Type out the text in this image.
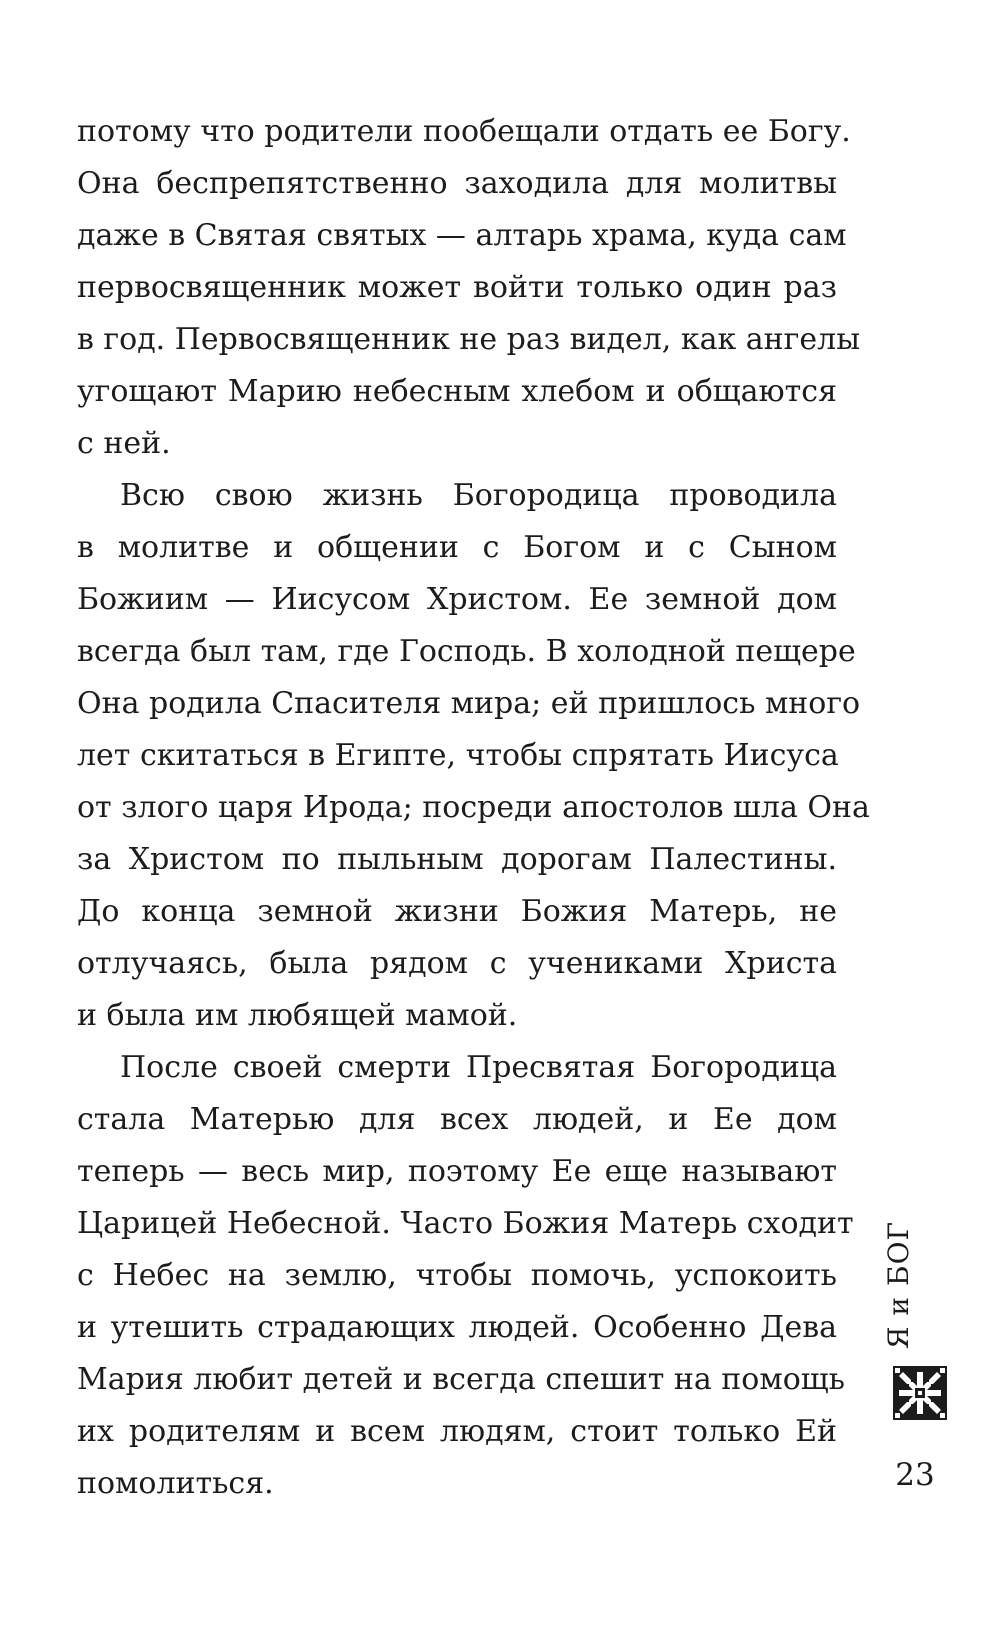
потому что родители пообещали отдать ее Богу.
Она беспрепятственно заходила для молитвы
даже в Святая святых — алтарь храма, куда сам
первосвященник может войти только один раз
в год. Первосвященник не раз видел, как ангелы
угощают Марию небесным хлебом и общаются
с ней.
Всю свою жизнь Богородица проводила
в молитве и общении с Богом и с Сыном
Божиим — Иисусом Христом. Ее земной дом
всегда был там, где Господь. В холодной пещере
Она родила Спасителя мира; ей пришлось много
лет скитаться в Египте, чтобы спрятать Иисуса
от злого царя Ирода; посреди апостолов шла Она
за Христом по пыльным дорогам Палестины.
До конца земной жизни Божия Матерь, не
отлучаясь, была рядом с учениками Христа
и была им любящей мамой.
После своей смерти Пресвятая Богородица
стала Матерью для всех людей, и Ее дом
теперь — весь мир, поэтому Ее еще называют
Царицей Небесной. Часто Божия Матерь сходит
с Небес на землю, чтобы помочь, успокоить
и утешить страдающих людей. Особенно Дева
Мария любит детей и всегда спешит на помощь
их родителям и всем людям, стоит только Ей
помолиться.
Я и БОГ
23
